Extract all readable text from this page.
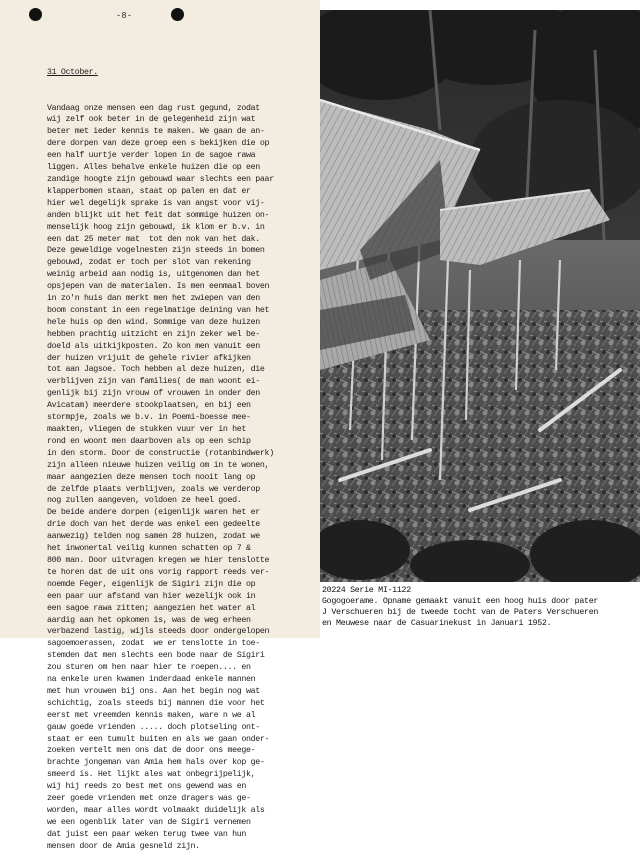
-8-

31 October.

Vandaag onze mensen een dag rust gegund, zodat
wij zelf ook beter in de gelegenheid zijn wat
beter met ieder kennis te maken. We gaan de an-
dere dorpen van deze groep een s bekijken die op
een half uurtje verder lopen in de sagoe rawa
liggen. Alles behalve enkele huizen die op een
zandige hoogte zijn gebouwd waar slechts een paar
klapperbomen staan, staat op palen en dat er
hier wel degelijk sprake is van angst voor vij-
anden blijkt uit het feit dat sommige huizen on-
menselijk hoog zijn gebouwd, ik klom er b.v. in
een dat 25 meter mat  tot den nok van het dak.
Deze geweldige vogelnesten zijn steeds in bomen
gebouwd, zodat er toch per slot van rekening
weinig arbeid aan nodig is, uitgenomen dan het
opsjepen van de materialen. Is men eenmaal boven
in zo'n huis dan merkt men het zwiepen van den
boom constant in een regelmatige deining van het
hele huis op den wind. Sommige van deze huizen
hebben prachtig uitzicht en zijn zeker wel be-
doeld als uitkijkposten. Zo kon men vanuit een
der huizen vrijuit de gehele rivier afkijken
tot aan Jagsoe. Toch hebben al deze huizen, die
verblijven zijn van families( de man woont ei-
genlijk bij zijn vrouw of vrouwen in onder den
Avicatam) meerdere stookplaatsen, en bij een
stormpje, zoals we b.v. in Poemi-boesse mee-
maakten, vliegen de stukken vuur ver in het
rond en woont men daarboven als op een schip
in den storm. Door de constructie (rotanbindwerk)
zijn alleen nieuwe huizen veilig om in te wonen,
maar aangezien deze mensen toch nooit lang op
de zelfde plaats verblijven, zoals we verderop
nog zullen aangeven, voldoen ze heel goed.
De beide andere dorpen (eigenlijk waren het er
drie doch van het derde was enkel een gedeelte
aanwezig) telden nog samen 28 huizen, zodat we
het inwonertal veilig kunnen schatten op 7 &
800 man. Door uitvragen kregen we hier tenslotte
te horen dat de uit ons vorig rapport reeds ver-
noemde Feger, eigenlijk de Sigiri zijn die op
een paar uur afstand van hier wezelijk ook in
een sagoe rawa zitten; aangezien het water al
aardig aan het opkomen is, was de weg erheen
verbazend lastig, wijls steeds door ondergelopen
sagoemoerassen, zodat  we er tenslotte in toe-
stemden dat men slechts een bode naar de Sigiri
zou sturen om hen naar hier te roepen.... en
na enkele uren kwamen inderdaad enkele mannen
met hun vrouwen bij ons. Aan het begin nog wat
schichtig, zoals steeds bij mannen die voor het
eerst met vreemden kennis maken, ware n we al
gauw goede vrienden ..... doch plotseling ont-
staat er een tumult buiten en als we gaan onder-
zoeken vertelt men ons dat de door ons meege-
brachte jongeman van Amia hem hals over kop ge-
smeerd is. Het lijkt ales wat onbegrijpelijk,
wij hij reeds zo best met ons gewend was en
zeer goede vrienden met onze dragers was ge-
worden, maar alles wordt volmaakt duidelijk als
we een ogenblik later van de Sigiri vernemen
dat juist een paar weken terug twee van hun
mensen door de Amia gesneld zijn.
20224 Serie MI-1122
Gogogoerame. Opname gemaakt vanuit een hoog huis door pater
J Verschueren bij de tweede tocht van de Paters Verschueren
en Meuwese naar de Casuarinekust in Januari 1952.
